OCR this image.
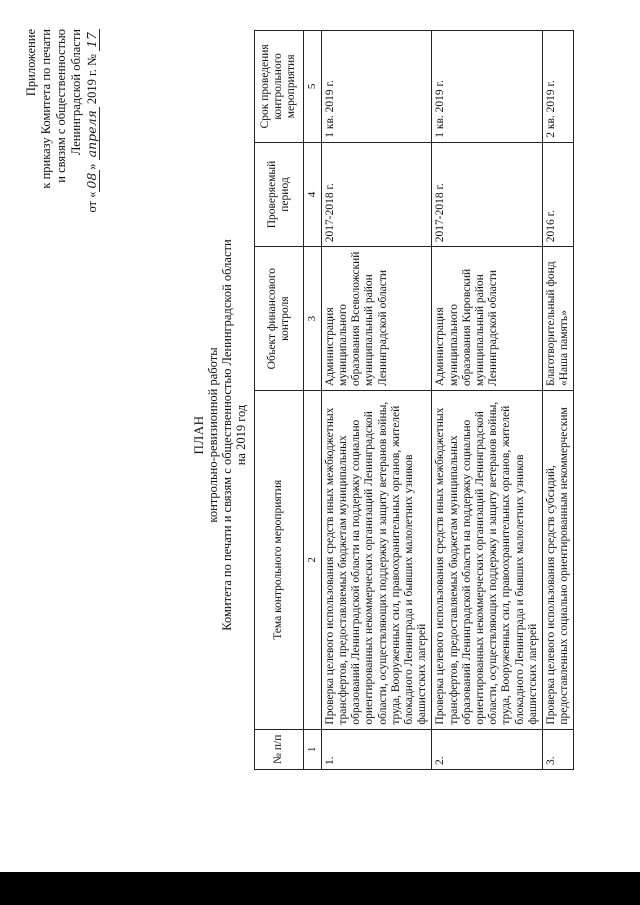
Приложение к приказу Комитета по печати и связям с общественностью Ленинградской области
от «08» апреля 2019 г. № 17
ПЛАН контрольно-ревизионной работы Комитета по печати и связям с общественностью Ленинградской области на 2019 год
№ п/п	Тема контрольного мероприятия	Объект финансового контроля	Проверяемый период	Срок проведения контрольного мероприятия
1	2	3	4	5
1.	Проверка целевого использования средств иных межбюджетных трансфертов, предоставляемых бюджетам муниципальных образований Ленинградской области на поддержку социально ориентированных некоммерческих организаций Ленинградской области, осуществляющих поддержку и защиту ветеранов войны, труда, Вооруженных сил, правоохранительных органов, жителей блокадного Ленинграда и бывших малолетних узников фашистских лагерей	Администрация муниципального образования Всеволожский муниципальный район Ленинградской области	2017-2018 г.	1 кв. 2019 г.
2.	Проверка целевого использования средств иных межбюджетных трансфертов, предоставляемых бюджетам муниципальных образований Ленинградской области на поддержку социально ориентированных некоммерческих организаций Ленинградской области, осуществляющих поддержку и защиту ветеранов войны, труда, Вооруженных сил, правоохранительных органов, жителей блокадного Ленинграда и бывших малолетних узников фашистских лагерей	Администрация муниципального образования Кировский муниципальный район Ленинградской области	2017-2018 г.	1 кв. 2019 г.
3.	Проверка целевого использования средств субсидий, предоставленных социально ориентированным некоммерческим	Благотворительный фонд «Наша память»	2016 г.	2 кв. 2019 г.
